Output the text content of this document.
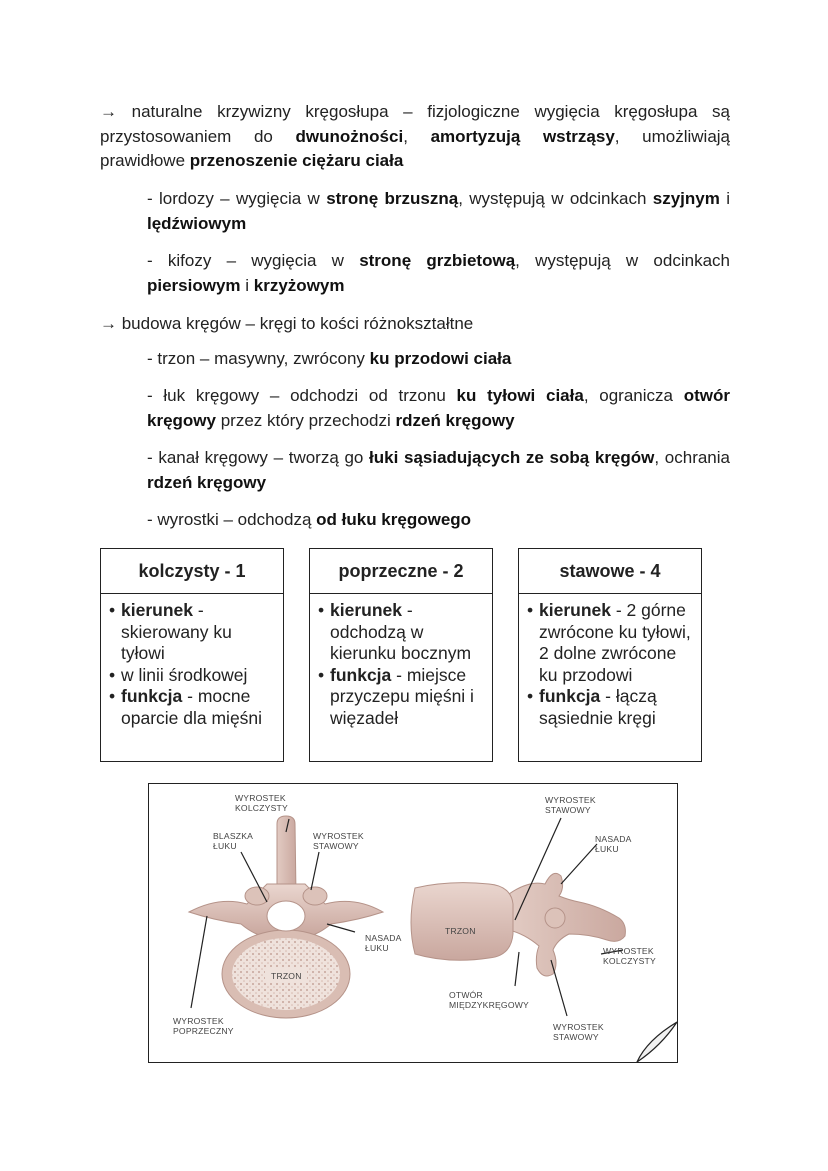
→ naturalne krzywizny kręgosłupa – fizjologiczne wygięcia kręgosłupa są przystosowaniem do dwunożności, amortyzują wstrząsy, umożliwiają prawidłowe przenoszenie ciężaru ciała
- lordozy – wygięcia w stronę brzuszną, występują w odcinkach szyjnym i lędźwiowym
- kifozy – wygięcia w stronę grzbietową, występują w odcinkach piersiowym i krzyżowym
→ budowa kręgów – kręgi to kości różnokształtne
- trzon – masywny, zwrócony ku przodowi ciała
- łuk kręgowy – odchodzi od trzonu ku tyłowi ciała, ogranicza otwór kręgowy przez który przechodzi rdzeń kręgowy
- kanał kręgowy – tworzą go łuki sąsiadujących ze sobą kręgów, ochrania rdzeń kręgowy
- wyrostki – odchodzą od łuku kręgowego
kolczysty - 1
• kierunek - skierowany ku tyłowi
• w linii środkowej
• funkcja - mocne oparcie dla mięśni
poprzeczne - 2
• kierunek - odchodzą w kierunku bocznym
• funkcja - miejsce przyczepu mięśni i więzadeł
stawowe - 4
• kierunek - 2 górne zwrócone ku tyłowi, 2 dolne zwrócone ku przodowi
• funkcja - łączą sąsiednie kręgi
WYROSTEK
KOLCZYSTY
BLASZKA
ŁUKU
WYROSTEK
STAWOWY
NASADA
ŁUKU
TRZON
WYROSTEK
POPRZECZNY
WYROSTEK
STAWOWY
NASADA
ŁUKU
TRZON
WYROSTEK
KOLCZYSTY
OTWÓR
MIĘDZYKRĘGOWY
WYROSTEK
STAWOWY
